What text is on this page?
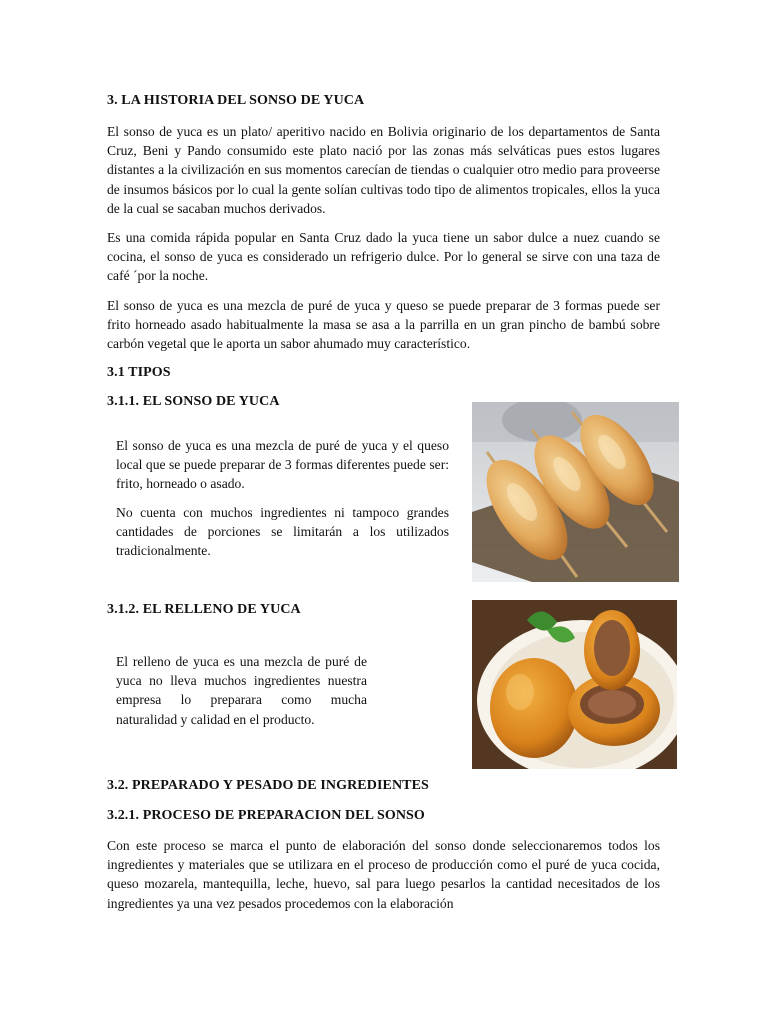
3. LA HISTORIA DEL SONSO DE YUCA
El sonso de yuca es un plato/ aperitivo nacido en Bolivia originario de los departamentos de Santa Cruz, Beni y Pando consumido este plato nació por las zonas más selváticas pues estos lugares distantes a la civilización en sus momentos carecían de tiendas o cualquier otro medio para proveerse de insumos básicos por lo cual la gente solían cultivas todo tipo de alimentos tropicales, ellos la yuca de la cual se sacaban muchos derivados.
Es una comida rápida popular en Santa Cruz dado la yuca tiene un sabor dulce a nuez cuando se cocina, el sonso de yuca es considerado un refrigerio dulce. Por lo general se sirve con una taza de café ´por la noche.
El sonso de yuca es una mezcla de puré de yuca y queso se puede preparar de 3 formas puede ser frito horneado asado habitualmente la masa se asa a la parrilla en un gran pincho de bambú sobre carbón vegetal que le aporta un sabor ahumado muy característico.
3.1 TIPOS
3.1.1. EL SONSO DE YUCA
El sonso de yuca es una mezcla de puré de yuca y el queso local que se puede preparar de 3 formas diferentes puede ser: frito, horneado o asado.
No cuenta con muchos ingredientes ni tampoco grandes cantidades de porciones se limitarán a los utilizados tradicionalmente.
3.1.2. EL RELLENO DE YUCA
El relleno de yuca es una mezcla de puré de yuca no lleva muchos ingredientes nuestra empresa lo preparara como mucha naturalidad y calidad en el producto.
3.2. PREPARADO Y PESADO DE INGREDIENTES
3.2.1. PROCESO DE PREPARACION DEL SONSO
Con este proceso se marca el punto de elaboración del sonso donde seleccionaremos todos los ingredientes y materiales que se utilizara en el proceso de producción como el puré de yuca cocida, queso mozarela, mantequilla, leche, huevo, sal para luego pesarlos la cantidad necesitados de los ingredientes ya una vez pesados procedemos con la elaboración
